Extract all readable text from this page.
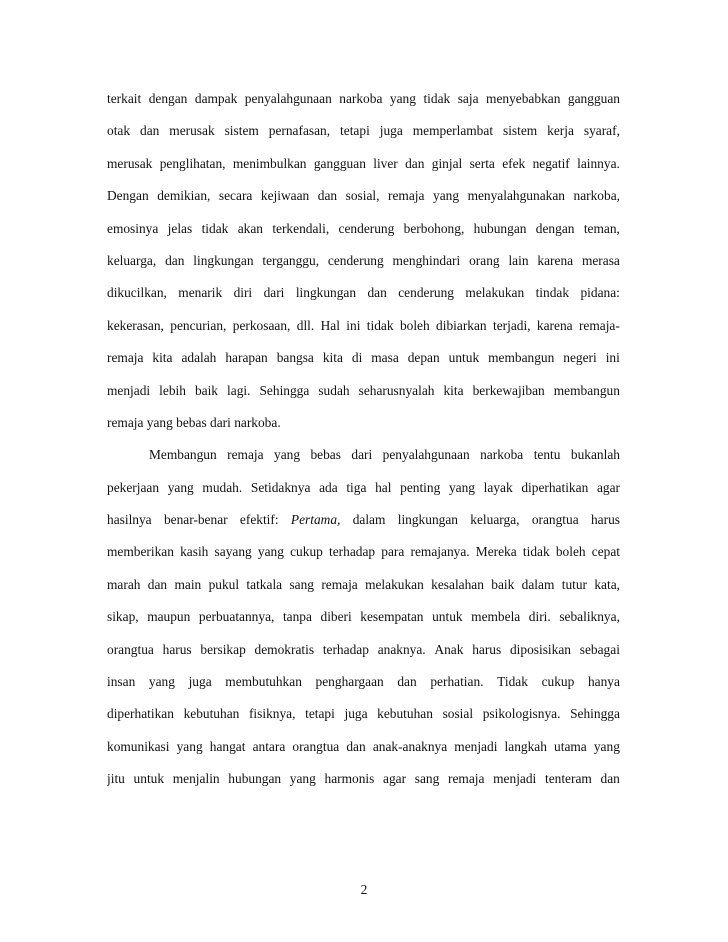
terkait dengan dampak penyalahgunaan narkoba yang tidak saja menyebabkan gangguan
otak dan merusak sistem pernafasan, tetapi juga memperlambat sistem kerja syaraf,
merusak penglihatan, menimbulkan gangguan liver dan ginjal serta efek negatif lainnya.
Dengan demikian, secara kejiwaan dan sosial, remaja yang menyalahgunakan narkoba,
emosinya jelas tidak akan terkendali, cenderung berbohong, hubungan dengan teman,
keluarga, dan lingkungan terganggu, cenderung menghindari orang lain karena merasa
dikucilkan, menarik diri dari lingkungan dan cenderung melakukan tindak pidana:
kekerasan, pencurian, perkosaan, dll. Hal ini tidak boleh dibiarkan terjadi, karena remaja-
remaja kita adalah harapan bangsa kita di masa depan untuk membangun negeri ini
menjadi lebih baik lagi. Sehingga sudah seharusnyalah kita berkewajiban membangun
remaja yang bebas dari narkoba.
Membangun remaja yang bebas dari penyalahgunaan narkoba tentu bukanlah
pekerjaan yang mudah. Setidaknya ada tiga hal penting yang layak diperhatikan agar
hasilnya benar-benar efektif: Pertama, dalam lingkungan keluarga, orangtua harus
memberikan kasih sayang yang cukup terhadap para remajanya. Mereka tidak boleh cepat
marah dan main pukul tatkala sang remaja melakukan kesalahan baik dalam tutur kata,
sikap, maupun perbuatannya, tanpa diberi kesempatan untuk membela diri. sebaliknya,
orangtua harus bersikap demokratis terhadap anaknya. Anak harus diposisikan sebagai
insan yang juga membutuhkan penghargaan dan perhatian. Tidak cukup hanya
diperhatikan kebutuhan fisiknya, tetapi juga kebutuhan sosial psikologisnya. Sehingga
komunikasi yang hangat antara orangtua dan anak-anaknya menjadi langkah utama yang
jitu untuk menjalin hubungan yang harmonis agar sang remaja menjadi tenteram dan
2
